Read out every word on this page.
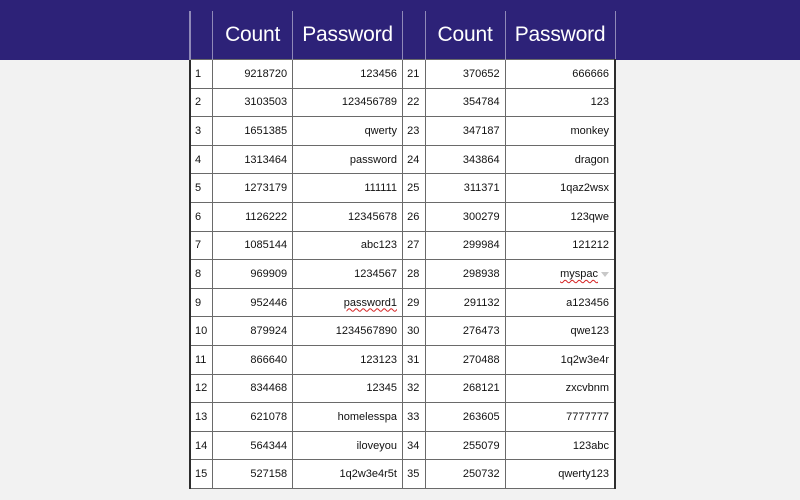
	Count	Password		Count	Password
1	9218720	123456	21	370652	666666
2	3103503	123456789	22	354784	123
3	1651385	qwerty	23	347187	monkey
4	1313464	password	24	343864	dragon
5	1273179	111111	25	311371	1qaz2wsx
6	1126222	12345678	26	300279	123qwe
7	1085144	abc123	27	299984	121212
8	969909	1234567	28	298938	myspac
9	952446	password1	29	291132	a123456
10	879924	1234567890	30	276473	qwe123
11	866640	123123	31	270488	1q2w3e4r
12	834468	12345	32	268121	zxcvbnm
13	621078	homelesspa	33	263605	7777777
14	564344	iloveyou	34	255079	123abc
15	527158	1q2w3e4r5t	35	250732	qwerty123
